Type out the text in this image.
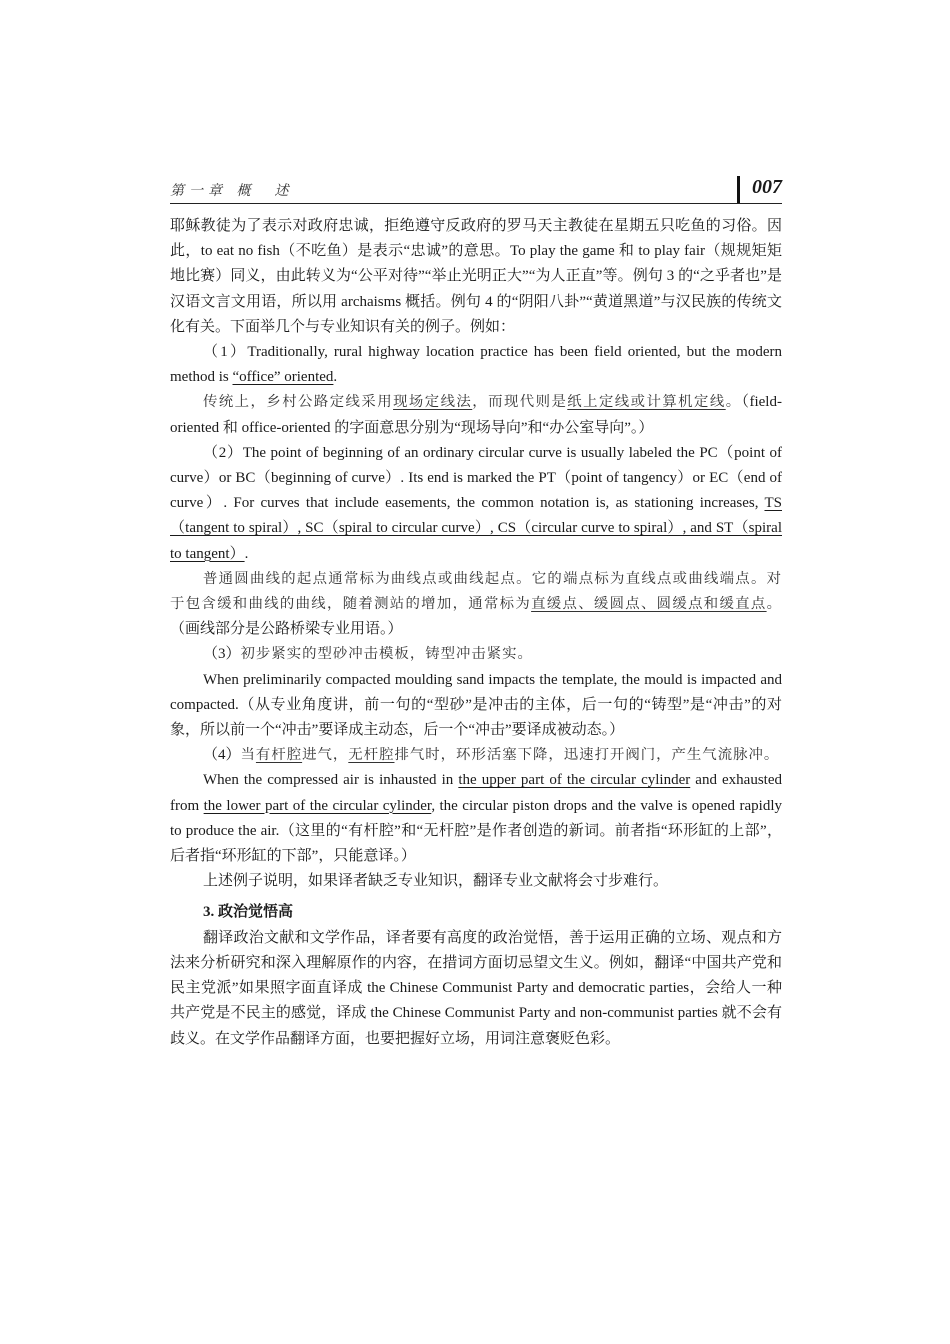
第一章 概　述	007

耶稣教徒为了表示对政府忠诚，拒绝遵守反政府的罗马天主教徒在星期五只吃鱼的习俗。因此，to eat no fish（不吃鱼）是表示“忠诚”的意思。To play the game 和 to play fair（规规矩矩地比赛）同义，由此转义为“公平对待”“举止光明正大”“为人正直”等。例句 3 的“之乎者也”是汉语文言文用语，所以用 archaisms 概括。例句 4 的“阴阳八卦”“黄道黑道”与汉民族的传统文化有关。下面举几个与专业知识有关的例子。例如：

（1）Traditionally, rural highway location practice has been field oriented, but the modern method is “office” oriented.

传统上，乡村公路定线采用现场定线法，而现代则是纸上定线或计算机定线。（field-oriented 和 office-oriented 的字面意思分别为“现场导向”和“办公室导向”。）

（2）The point of beginning of an ordinary circular curve is usually labeled the PC（point of curve）or BC（beginning of curve）. Its end is marked the PT（point of tangency）or EC（end of curve）. For curves that include easements, the common notation is, as stationing increases, TS（tangent to spiral）, SC（spiral to circular curve）, CS（circular curve to spiral）, and ST（spiral to tangent）.

普通圆曲线的起点通常标为曲线点或曲线起点。它的端点标为直线点或曲线端点。对于包含缓和曲线的曲线，随着测站的增加，通常标为直缓点、缓圆点、圆缓点和缓直点。（画线部分是公路桥梁专业用语。）

（3）初步紧实的型砂冲击模板，铸型冲击紧实。

When preliminarily compacted moulding sand impacts the template, the mould is impacted and compacted.（从专业角度讲，前一句的“型砂”是冲击的主体，后一句的“铸型”是“冲击”的对象，所以前一个“冲击”要译成主动态，后一个“冲击”要译成被动态。）

（4）当有杆腔进气，无杆腔排气时，环形活塞下降，迅速打开阀门，产生气流脉冲。

When the compressed air is inhausted in the upper part of the circular cylinder and exhausted from the lower part of the circular cylinder, the circular piston drops and the valve is opened rapidly to produce the air.（这里的“有杆腔”和“无杆腔”是作者创造的新词。前者指“环形缸的上部”，后者指“环形缸的下部”，只能意译。）

上述例子说明，如果译者缺乏专业知识，翻译专业文献将会寸步难行。

3. 政治觉悟高

翻译政治文献和文学作品，译者要有高度的政治觉悟，善于运用正确的立场、观点和方法来分析研究和深入理解原作的内容，在措词方面切忌望文生义。例如，翻译“中国共产党和民主党派”如果照字面直译成 the Chinese Communist Party and democratic parties，会给人一种共产党是不民主的感觉，译成 the Chinese Communist Party and non-communist parties 就不会有歧义。在文学作品翻译方面，也要把握好立场，用词注意褒贬色彩。
